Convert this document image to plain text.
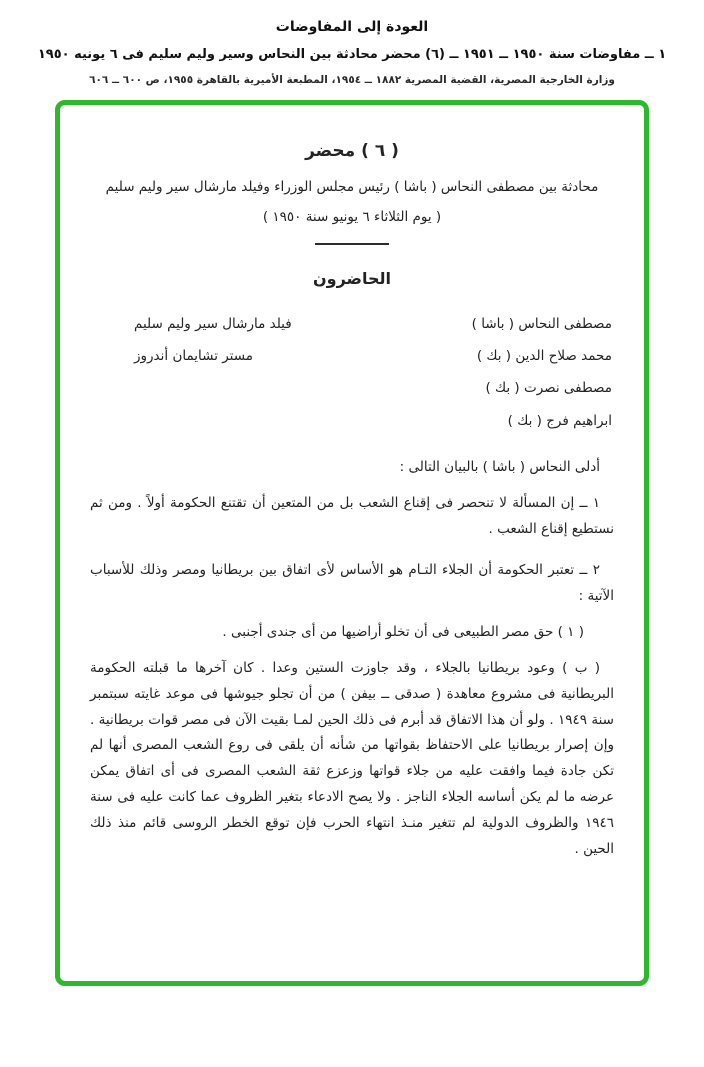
العودة إلى المفاوضات
١ ــ مفاوضات سنة ١٩٥٠ ــ ١٩٥١ ــ (٦) محضر محادثة بين النحاس وسير وليم سليم فى ٦ يونيه ١٩٥٠
وزارة الخارجية المصرية، القضية المصرية ١٨٨٢ ــ ١٩٥٤، المطبعة الأميرية بالقاهرة ١٩٥٥، ص ٦٠٠ ــ ٦٠٦
( ٦ ) محضر
محادثة بين مصطفى النحاس ( باشا ) رئيس مجلس الوزراء وفيلد مارشال سير وليم سليم
( يوم الثلاثاء ٦ يونيو سنة ١٩٥٠ )
الحاضرون
مصطفى النحاس ( باشا )
محمد صلاح الدين ( بك )
مصطفى نصرت ( بك )
ابراهيم فرج ( بك )
فيلد مارشال سير وليم سليم
مستر تشايمان أندروز
أدلى النحاس ( باشا ) بالبيان التالى :
١ ــ إن المسألة لا تنحصر فى إقناع الشعب بل من المتعين أن تقتنع الحكومة أولاً . ومن ثم نستطيع إقناع الشعب .
٢ ــ تعتبر الحكومة أن الجلاء التـام هو الأساس لأى اتفاق بين بريطانيا ومصر وذلك للأسباب الآتية :
( ١ ) حق مصر الطبيعى فى أن تخلو أراضيها من أى جندى أجنبى .
( ب ) وعود بريطانيا بالجلاء ، وقد جاوزت الستين وعدا . كان آخرها ما قبلته الحكومة البريطانية فى مشروع معاهدة ( صدقى ــ بيفن ) من أن تجلو جيوشها فى موعد غايته سبتمبر سنة ١٩٤٩ . ولو أن هذا الاتفاق قد أبرم فى ذلك الحين لمـا بقيت الآن فى مصر قوات بريطانية . وإن إصرار بريطانيا على الاحتفاظ بقواتها من شأنه أن يلقى فى روع الشعب المصرى أنها لم تكن جادة فيما وافقت عليه من جلاء قواتها وزعزع ثقة الشعب المصرى فى أى اتفاق يمكن عرضه ما لم يكن أساسه الجلاء الناجز . ولا يصح الادعاء بتغير الظروف عما كانت عليه فى سنة ١٩٤٦ والظروف الدولية لم تتغير منـذ انتهاء الحرب فإن توقع الخطر الروسى قائم منذ ذلك الحين .
